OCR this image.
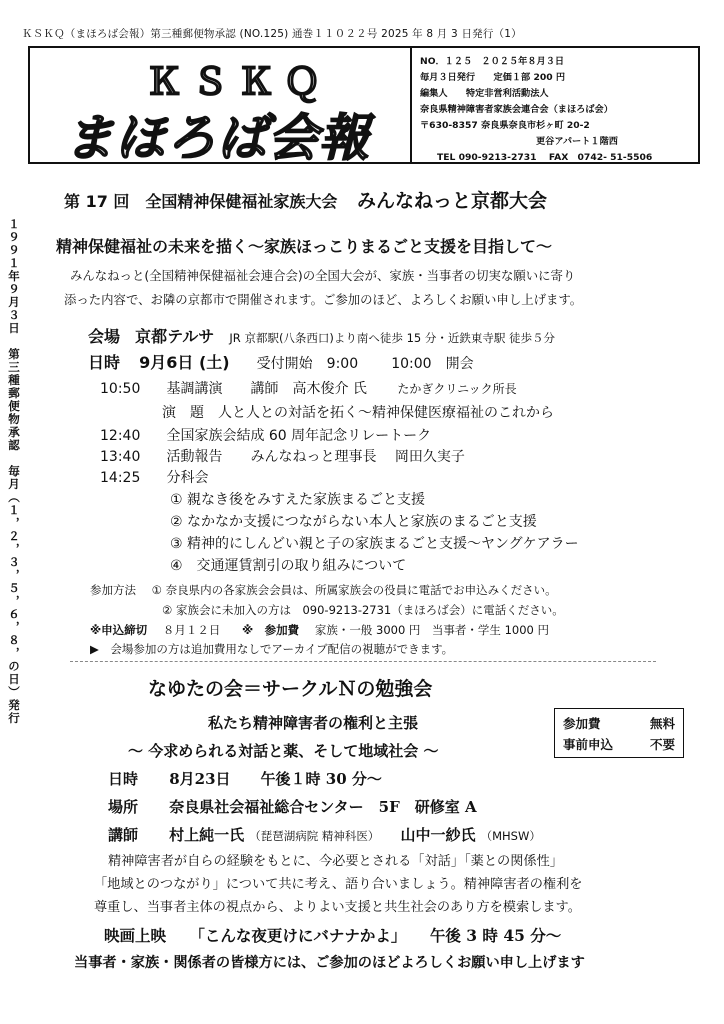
ＫＳＫＱ（まほろば会報）第三種郵便物承認 (NO.125) 通巻１１０２２号 2025 年 8 月 3 日発行（1）
ＫＳＫＱ
まほろば会報
NO．１２５　２０２５年８月３日
毎月３日発行　　定価１部 200 円
編集人　　特定非営利活動法人
奈良県精神障害者家族会連合会（まほろば会）
〒630-8357 奈良県奈良市杉ヶ町 20-2
更谷アパート１階西
TEL 090-9213-2731　 FAX　0742- 51-5506
１９９１年９月３日　第三種郵便物承認　毎月（１，２，３，５，６，８，の日）発行
第 17 回　全国精神保健福祉家族大会 みんなねっと京都大会
精神保健福祉の未来を描く〜家族ほっこりまるごと支援を目指して〜
みんなねっと(全国精神保健福祉会連合会)の全国大会が、家族・当事者の切実な願いに寄り
添った内容で、お隣の京都市で開催されます。ご参加のほど、よろしくお願い申し上げます。
会場 京都テルサ JR 京都駅(八条西口)より南へ徒歩 15 分・近鉄東寺駅 徒歩５分
日時 9月6日 (土) 受付開始　9:00 10:00　開会
10:50 基調講演　　講師　高木俊介 氏	たかぎクリニック所長
演　題　人と人との対話を拓く〜精神保健医療福祉のこれから
12:40 全国家族会結成 60 周年記念リレートーク
13:40 活動報告　　みんなねっと理事長　 岡田久実子
14:25 分科会
① 親なき後をみすえた家族まるごと支援
② なかなか支援につながらない本人と家族のまるごと支援
③ 精神的にしんどい親と子の家族まるごと支援〜ヤングケアラー
④　交通運賃割引の取り組みについて
参加方法 ① 奈良県内の各家族会会員は、所属家族会の役員に電話でお申込みください。
② 家族会に未加入の方は　090-9213-2731（まほろば会）に電話ください。
※申込締切 ８月１２日 ※　参加費 家族・一般 3000 円　当事者・学生 1000 円
▶　会場参加の方は追加費用なしでアーカイブ配信の視聴ができます。
なゆたの会＝サークルＮの勉強会
私たち精神障害者の権利と主張
〜 今求められる対話と薬、そして地域社会 〜
参加費	無料
事前申込	不要
日時 8月23日　　午後１時 30 分〜
場所 奈良県社会福祉総合センター　5F　研修室 A
講師 村上純一氏 （琵琶湖病院 精神科医） 山中一紗氏 （MHSW）
精神障害者が自らの経験をもとに、今必要とされる「対話」「薬との関係性」
「地域とのつながり」について共に考え、語り合いましょう。精神障害者の権利を
尊重し、当事者主体の視点から、よりよい支援と共生社会のあり方を模索します。
映画上映 「こんな夜更けにバナナかよ」 午後 3 時 45 分〜
当事者・家族・関係者の皆様方には、ご参加のほどよろしくお願い申し上げます
